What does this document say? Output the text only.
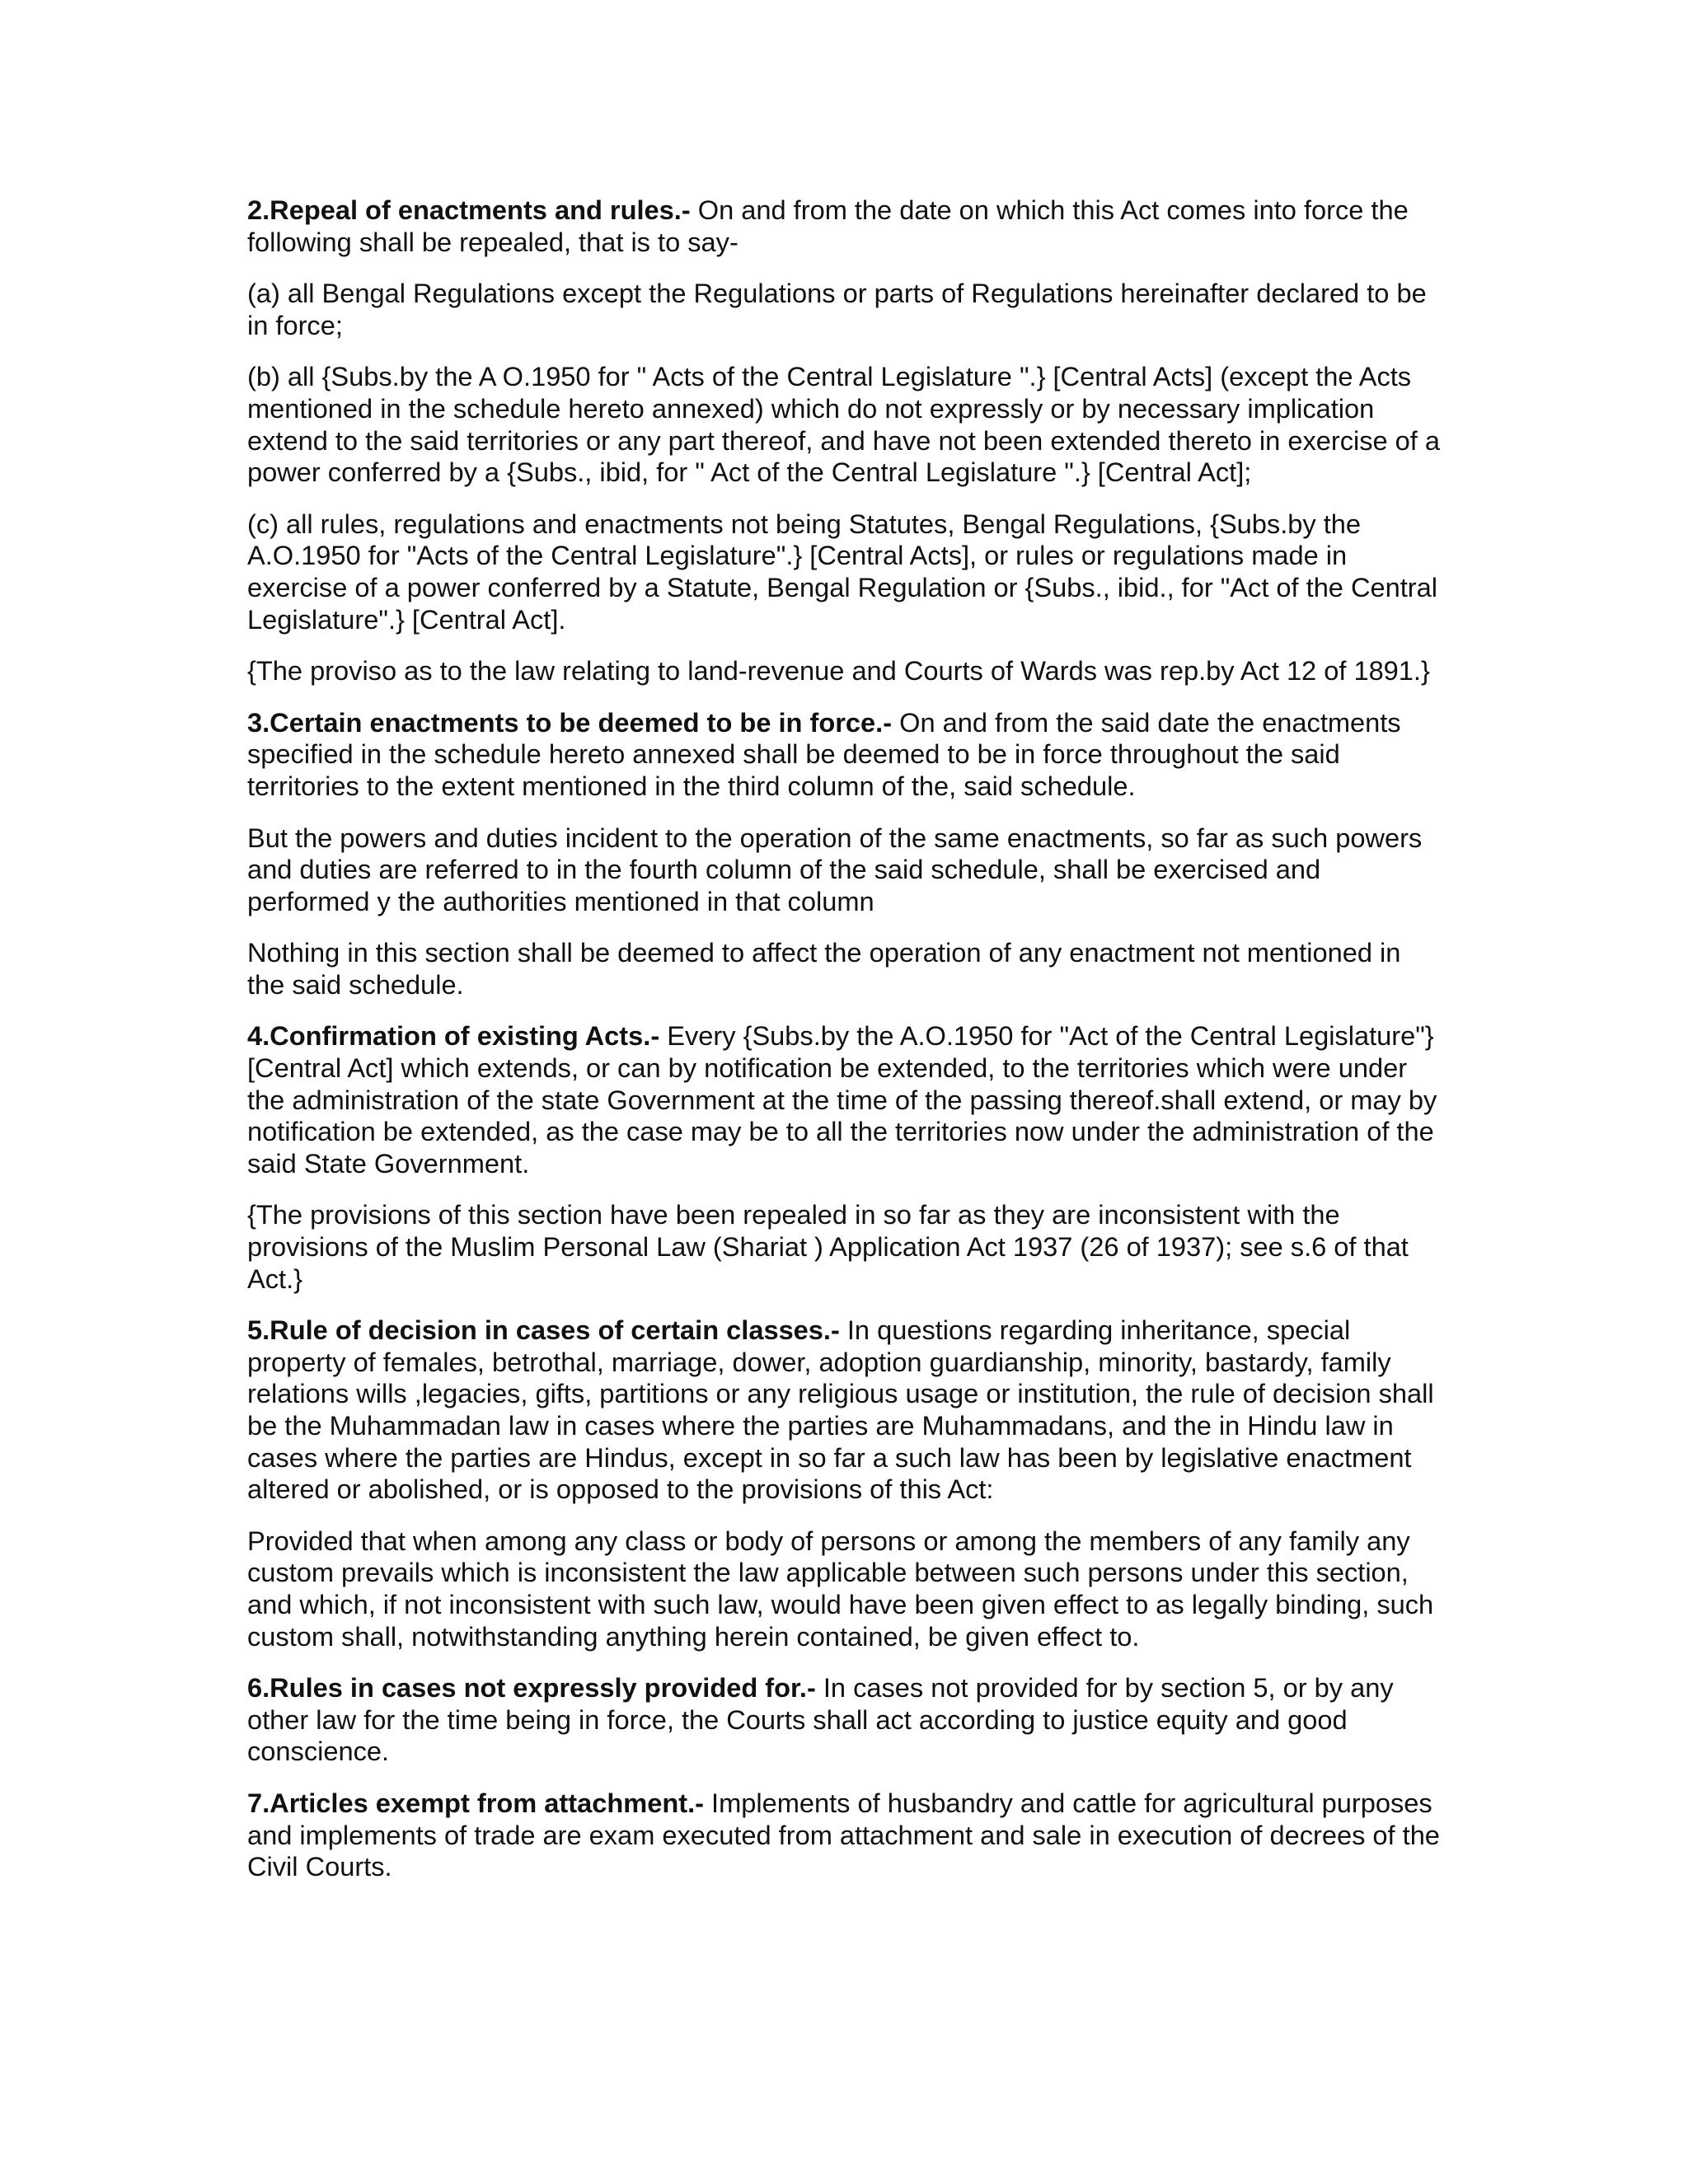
2.Repeal of enactments and rules.- On and from the date on which this Act comes into force the following shall be repealed, that is to say-

(a) all Bengal Regulations except the Regulations or parts of Regulations hereinafter declared to be in force;

(b) all {Subs.by the A O.1950 for " Acts of the Central Legislature ".} [Central Acts] (except the Acts mentioned in the schedule hereto annexed) which do not expressly or by necessary implication extend to the said territories or any part thereof, and have not been extended thereto in exercise of a power conferred by a {Subs., ibid, for " Act of the Central Legislature ".} [Central Act];

(c) all rules, regulations and enactments not being Statutes, Bengal Regulations, {Subs.by the A.O.1950 for "Acts of the Central Legislature".} [Central Acts], or rules or regulations made in exercise of a power conferred by a Statute, Bengal Regulation or {Subs., ibid., for "Act of the Central Legislature".} [Central Act].

{The proviso as to the law relating to land-revenue and Courts of Wards was rep.by Act 12 of 1891.}

3.Certain enactments to be deemed to be in force.- On and from the said date the enactments specified in the schedule hereto annexed shall be deemed to be in force throughout the said territories to the extent mentioned in the third column of the, said schedule.

But the powers and duties incident to the operation of the same enactments, so far as such powers and duties are referred to in the fourth column of the said schedule, shall be exercised and performed y the authorities mentioned in that column

Nothing in this section shall be deemed to affect the operation of any enactment not mentioned in the said schedule.

4.Confirmation of existing Acts.- Every {Subs.by the A.O.1950 for "Act of the Central Legislature"} [Central Act] which extends, or can by notification be extended, to the territories which were under the administration of the state Government at the time of the passing thereof.shall extend, or may by notification be extended, as the case may be to all the territories now under the administration of the said State Government.

{The provisions of this section have been repealed in so far as they are inconsistent with the provisions of the Muslim Personal Law (Shariat ) Application Act 1937 (26 of 1937); see s.6 of that Act.}

5.Rule of decision in cases of certain classes.- In questions regarding inheritance, special property of females, betrothal, marriage, dower, adoption guardianship, minority, bastardy, family relations wills ,legacies, gifts, partitions or any religious usage or institution, the rule of decision shall be the Muhammadan law in cases where the parties are Muhammadans, and the in Hindu law in cases where the parties are Hindus, except in so far a such law has been by legislative enactment altered or abolished, or is opposed to the provisions of this Act:

Provided that when among any class or body of persons or among the members of any family any custom prevails which is inconsistent the law applicable between such persons under this section, and which, if not inconsistent with such law, would have been given effect to as legally binding, such custom shall, notwithstanding anything herein contained, be given effect to.

6.Rules in cases not expressly provided for.- In cases not provided for by section 5, or by any other law for the time being in force, the Courts shall act according to justice equity and good conscience.

7.Articles exempt from attachment.- Implements of husbandry and cattle for agricultural purposes and implements of trade are exam executed from attachment and sale in execution of decrees of the Civil Courts.
